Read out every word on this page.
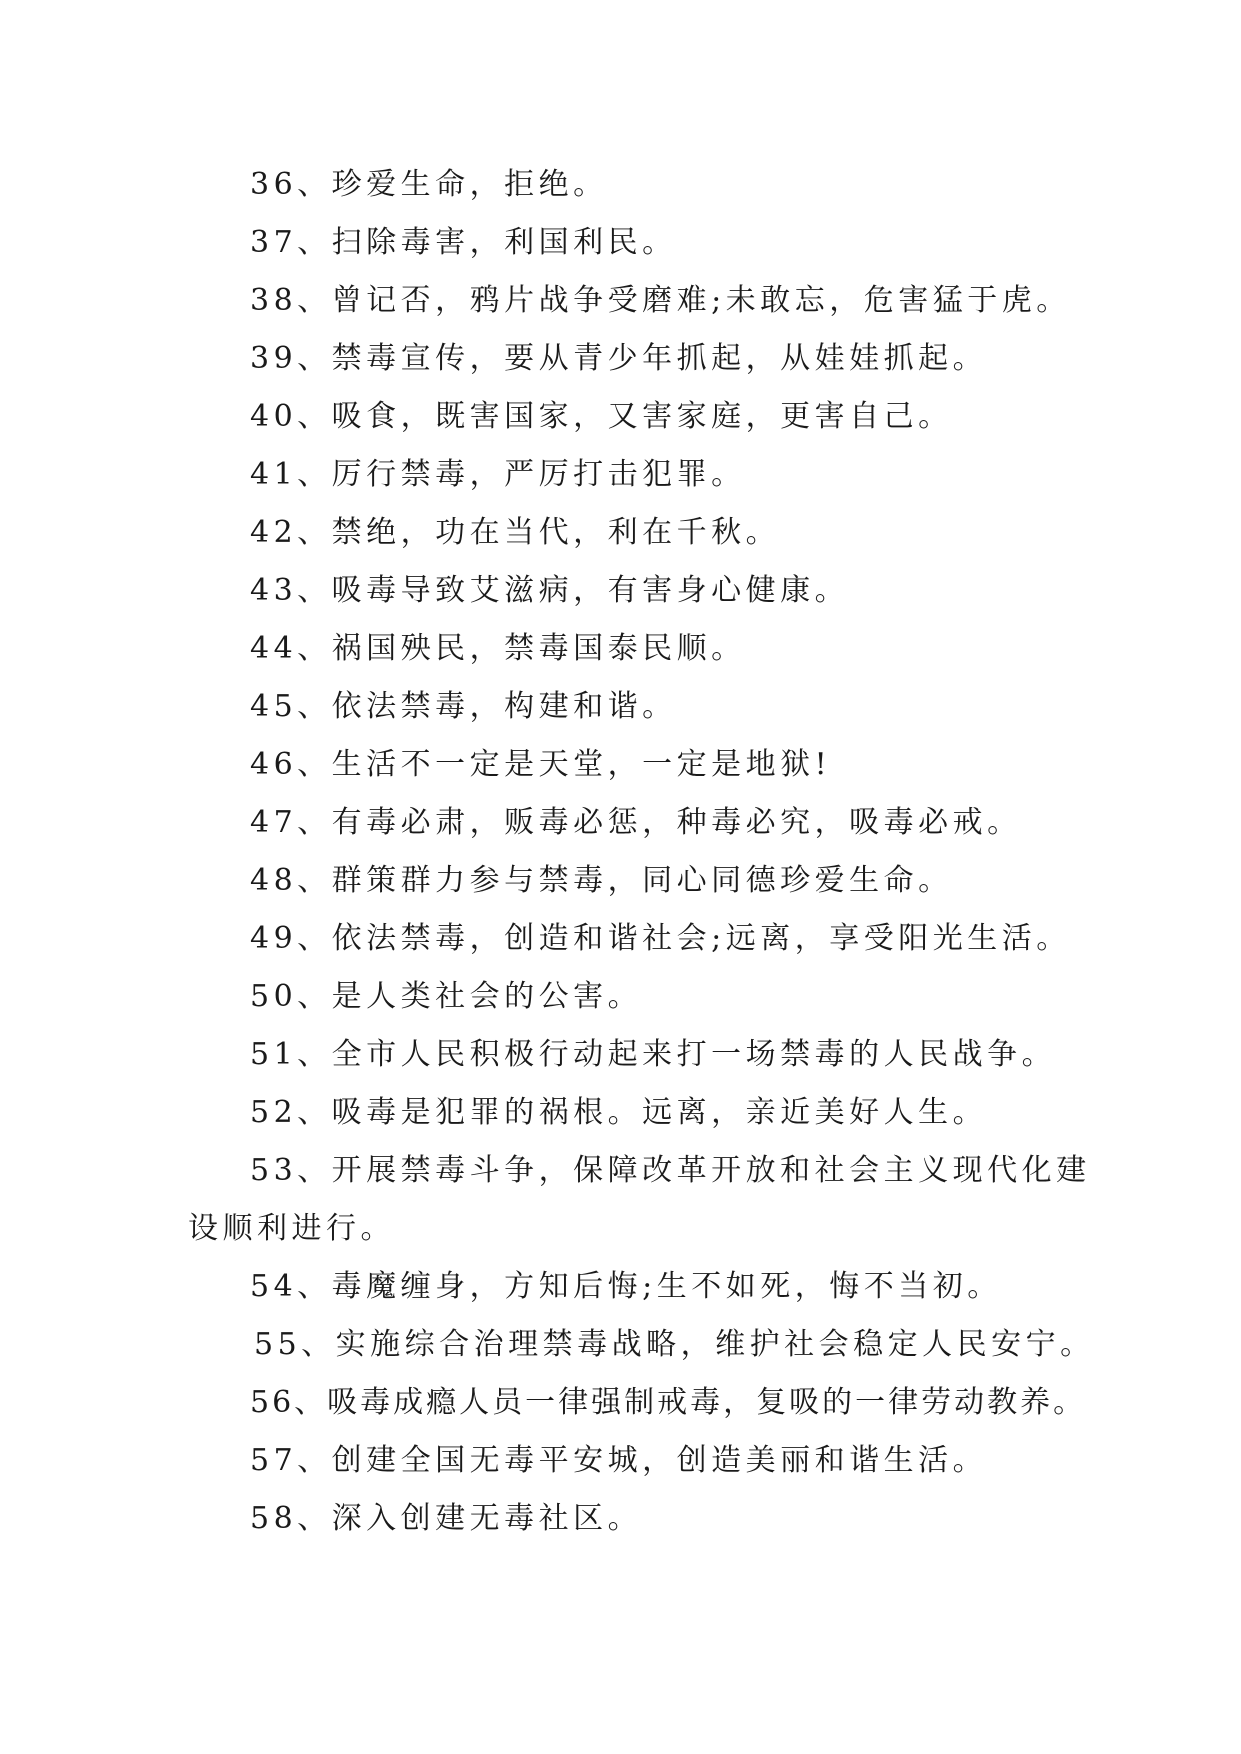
36、珍爱生命，拒绝。

37、扫除毒害，利国利民。

38、曾记否，鸦片战争受磨难;未敢忘，危害猛于虎。

39、禁毒宣传，要从青少年抓起，从娃娃抓起。

40、吸食，既害国家，又害家庭，更害自己。

41、厉行禁毒，严厉打击犯罪。

42、禁绝，功在当代，利在千秋。

43、吸毒导致艾滋病，有害身心健康。

44、祸国殃民，禁毒国泰民顺。

45、依法禁毒，构建和谐。

46、生活不一定是天堂，一定是地狱!

47、有毒必肃，贩毒必惩，种毒必究，吸毒必戒。

48、群策群力参与禁毒，同心同德珍爱生命。

49、依法禁毒，创造和谐社会;远离，享受阳光生活。

50、是人类社会的公害。

51、全市人民积极行动起来打一场禁毒的人民战争。

52、吸毒是犯罪的祸根。远离，亲近美好人生。

53、开展禁毒斗争，保障改革开放和社会主义现代化建

设顺利进行。

54、毒魔缠身，方知后悔;生不如死，悔不当初。

55、实施综合治理禁毒战略，维护社会稳定人民安宁。

56、吸毒成瘾人员一律强制戒毒，复吸的一律劳动教养。

57、创建全国无毒平安城，创造美丽和谐生活。

58、深入创建无毒社区。
